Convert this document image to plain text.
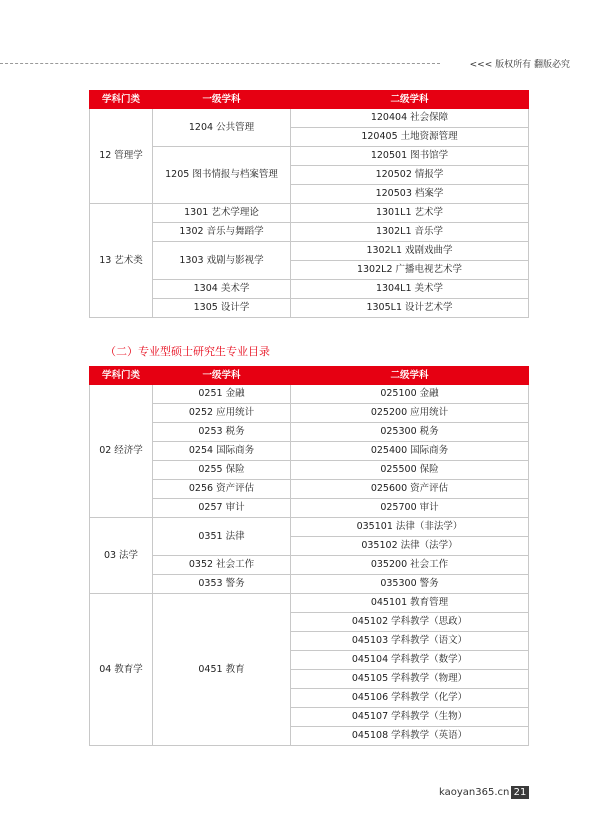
<<< 版权所有 翻版必究
学科门类	一级学科	二级学科
12 管理学	1204 公共管理	120404 社会保障
		120405 土地资源管理
	1205 图书情报与档案管理	120501 图书馆学
		120502 情报学
		120503 档案学
13 艺术类	1301 艺术学理论	1301L1 艺术学
	1302 音乐与舞蹈学	1302L1 音乐学
	1303 戏剧与影视学	1302L1 戏剧戏曲学
		1302L2 广播电视艺术学
	1304 美术学	1304L1 美术学
	1305 设计学	1305L1 设计艺术学
（二）专业型硕士研究生专业目录
学科门类	一级学科	二级学科
02 经济学	0251 金融	025100 金融
	0252 应用统计	025200 应用统计
	0253 税务	025300 税务
	0254 国际商务	025400 国际商务
	0255 保险	025500 保险
	0256 资产评估	025600 资产评估
	0257 审计	025700 审计
03 法学	0351 法律	035101 法律（非法学）
		035102 法律（法学）
	0352 社会工作	035200 社会工作
	0353 警务	035300 警务
04 教育学	0451 教育	045101 教育管理
		045102 学科教学（思政）
		045103 学科教学（语文）
		045104 学科教学（数学）
		045105 学科教学（物理）
		045106 学科教学（化学）
		045107 学科教学（生物）
		045108 学科教学（英语）
kaoyan365.cn 21
